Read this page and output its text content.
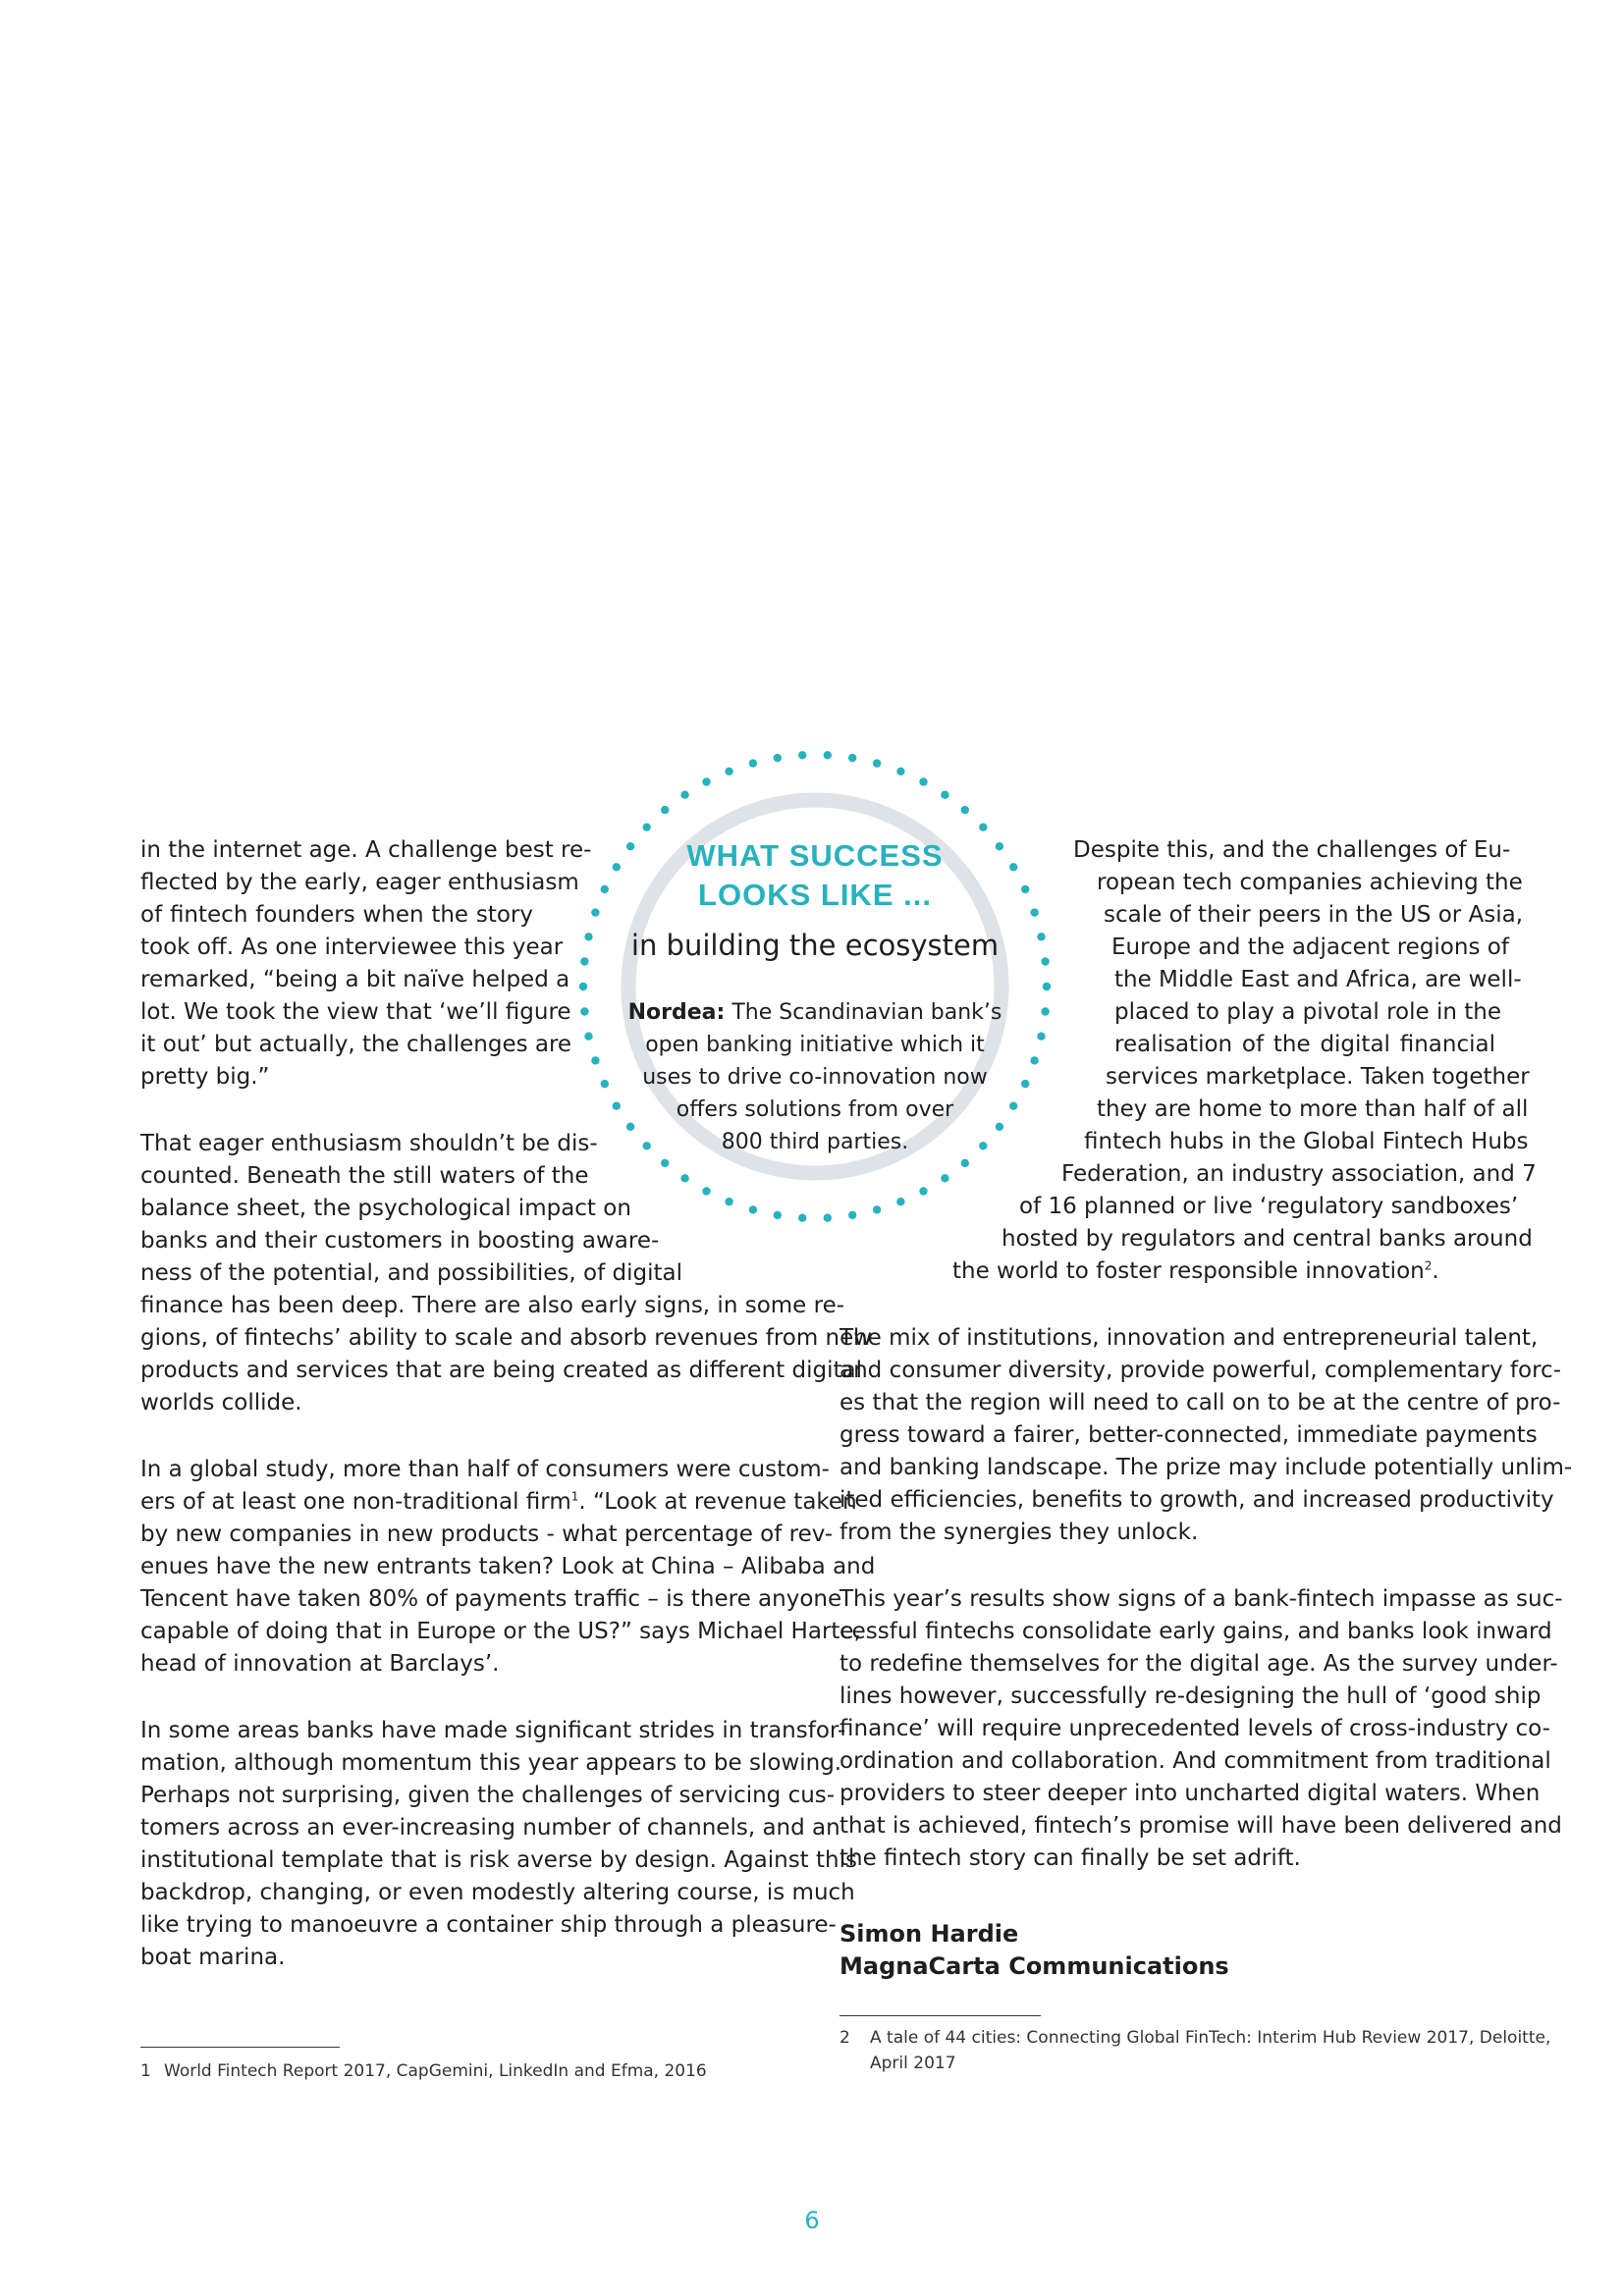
in the internet age. A challenge best re-
flected by the early, eager enthusiasm
of fintech founders when the story
took off. As one interviewee this year
remarked, “being a bit naïve helped a
lot. We took the view that ‘we’ll figure
it out’ but actually, the challenges are
pretty big.”
That eager enthusiasm shouldn’t be dis-
counted. Beneath the still waters of the
balance sheet, the psychological impact on
banks and their customers in boosting aware-
ness of the potential, and possibilities, of digital
finance has been deep. There are also early signs, in some re-
gions, of fintechs’ ability to scale and absorb revenues from new
products and services that are being created as different digital
worlds collide.
In a global study, more than half of consumers were custom-
ers of at least one non-traditional firm$^1$. “Look at revenue taken
by new companies in new products - what percentage of rev-
enues have the new entrants taken? Look at China – Alibaba and
Tencent have taken 80% of payments traffic – is there anyone
capable of doing that in Europe or the US?” says Michael Harte,
head of innovation at Barclays’.
In some areas banks have made significant strides in transfor-
mation, although momentum this year appears to be slowing.
Perhaps not surprising, given the challenges of servicing cus-
tomers across an ever-increasing number of channels, and an
institutional template that is risk averse by design. Against this
backdrop, changing, or even modestly altering course, is much
like trying to manoeuvre a container ship through a pleasure-
boat marina.
WHAT SUCCESS
LOOKS LIKE ...
in building the ecosystem
Nordea: The Scandinavian bank’s
open banking initiative which it
uses to drive co-innovation now
offers solutions from over
800 third parties.
Despite this, and the challenges of Eu-
ropean tech companies achieving the
scale of their peers in the US or Asia,
Europe and the adjacent regions of
the Middle East and Africa, are well-
placed to play a pivotal role in the
realisation of the digital financial
services marketplace. Taken together
they are home to more than half of all
fintech hubs in the Global Fintech Hubs
Federation, an industry association, and 7
of 16 planned or live ‘regulatory sandboxes’
hosted by regulators and central banks around
the world to foster responsible innovation$^2$.
The mix of institutions, innovation and entrepreneurial talent,
and consumer diversity, provide powerful, complementary forc-
es that the region will need to call on to be at the centre of pro-
gress toward a fairer, better-connected, immediate payments
and banking landscape. The prize may include potentially unlim-
ited efficiencies, benefits to growth, and increased productivity
from the synergies they unlock.
This year’s results show signs of a bank-fintech impasse as suc-
cessful fintechs consolidate early gains, and banks look inward
to redefine themselves for the digital age. As the survey under-
lines however, successfully re-designing the hull of ‘good ship
finance’ will require unprecedented levels of cross-industry co-
ordination and collaboration. And commitment from traditional
providers to steer deeper into uncharted digital waters. When
that is achieved, fintech’s promise will have been delivered and
the fintech story can finally be set adrift.
Simon Hardie
MagnaCarta Communications
2 A tale of 44 cities: Connecting Global FinTech: Interim Hub Review 2017, Deloitte,
April 2017
1 World Fintech Report 2017, CapGemini, LinkedIn and Efma, 2016
6
